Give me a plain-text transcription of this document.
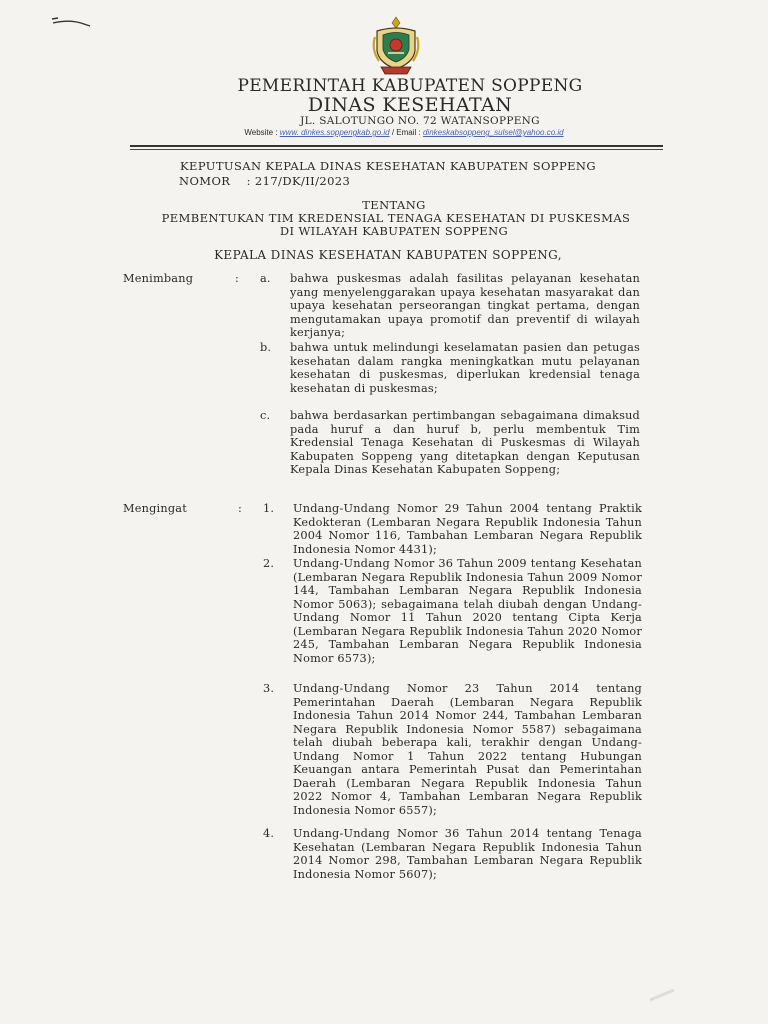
PEMERINTAH KABUPATEN SOPPENG
DINAS KESEHATAN
JL. SALOTUNGO NO. 72 WATANSOPPENG
Website : www. dinkes.soppengkab.go.id / Email : dinkeskabsoppeng_sulsel@yahoo.co.id
KEPUTUSAN KEPALA DINAS KESEHATAN KABUPATEN SOPPENG
NOMOR    : 217/DK/II/2023
TENTANG
PEMBENTUKAN TIM KREDENSIAL TENAGA KESEHATAN DI PUSKESMAS
DI WILAYAH KABUPATEN SOPPENG
KEPALA DINAS KESEHATAN KABUPATEN SOPPENG,
Menimbang	: a. bahwa puskesmas adalah fasilitas pelayanan kesehatan yang menyelenggarakan upaya kesehatan masyarakat dan upaya kesehatan perseorangan tingkat pertama, dengan mengutamakan upaya promotif dan preventif di wilayah kerjanya;
b. bahwa untuk melindungi keselamatan pasien dan petugas kesehatan dalam rangka meningkatkan mutu pelayanan kesehatan di puskesmas, diperlukan kredensial tenaga kesehatan di puskesmas;
c. bahwa berdasarkan pertimbangan sebagaimana dimaksud pada huruf a dan huruf b, perlu membentuk Tim Kredensial Tenaga Kesehatan di Puskesmas di Wilayah Kabupaten Soppeng yang ditetapkan dengan Keputusan Kepala Dinas Kesehatan Kabupaten Soppeng;
Mengingat	: 1. Undang-Undang Nomor 29 Tahun 2004 tentang Praktik Kedokteran (Lembaran Negara Republik Indonesia Tahun 2004 Nomor 116, Tambahan Lembaran Negara Republik Indonesia Nomor 4431);
2. Undang-Undang Nomor 36 Tahun 2009 tentang Kesehatan (Lembaran Negara Republik Indonesia Tahun 2009 Nomor 144, Tambahan Lembaran Negara Republik Indonesia Nomor 5063); sebagaimana telah diubah dengan Undang-Undang Nomor 11 Tahun 2020 tentang Cipta Kerja (Lembaran Negara Republik Indonesia Tahun 2020 Nomor 245, Tambahan Lembaran Negara Republik Indonesia Nomor 6573);
3. Undang-Undang Nomor 23 Tahun 2014 tentang Pemerintahan Daerah (Lembaran Negara Republik Indonesia Tahun 2014 Nomor 244, Tambahan Lembaran Negara Republik Indonesia Nomor 5587) sebagaimana telah diubah beberapa kali, terakhir dengan Undang-Undang Nomor 1 Tahun 2022 tentang Hubungan Keuangan antara Pemerintah Pusat dan Pemerintahan Daerah (Lembaran Negara Republik Indonesia Tahun 2022 Nomor 4, Tambahan Lembaran Negara Republik Indonesia Nomor 6557);
4. Undang-Undang Nomor 36 Tahun 2014 tentang Tenaga Kesehatan (Lembaran Negara Republik Indonesia Tahun 2014 Nomor 298, Tambahan Lembaran Negara Republik Indonesia Nomor 5607);
